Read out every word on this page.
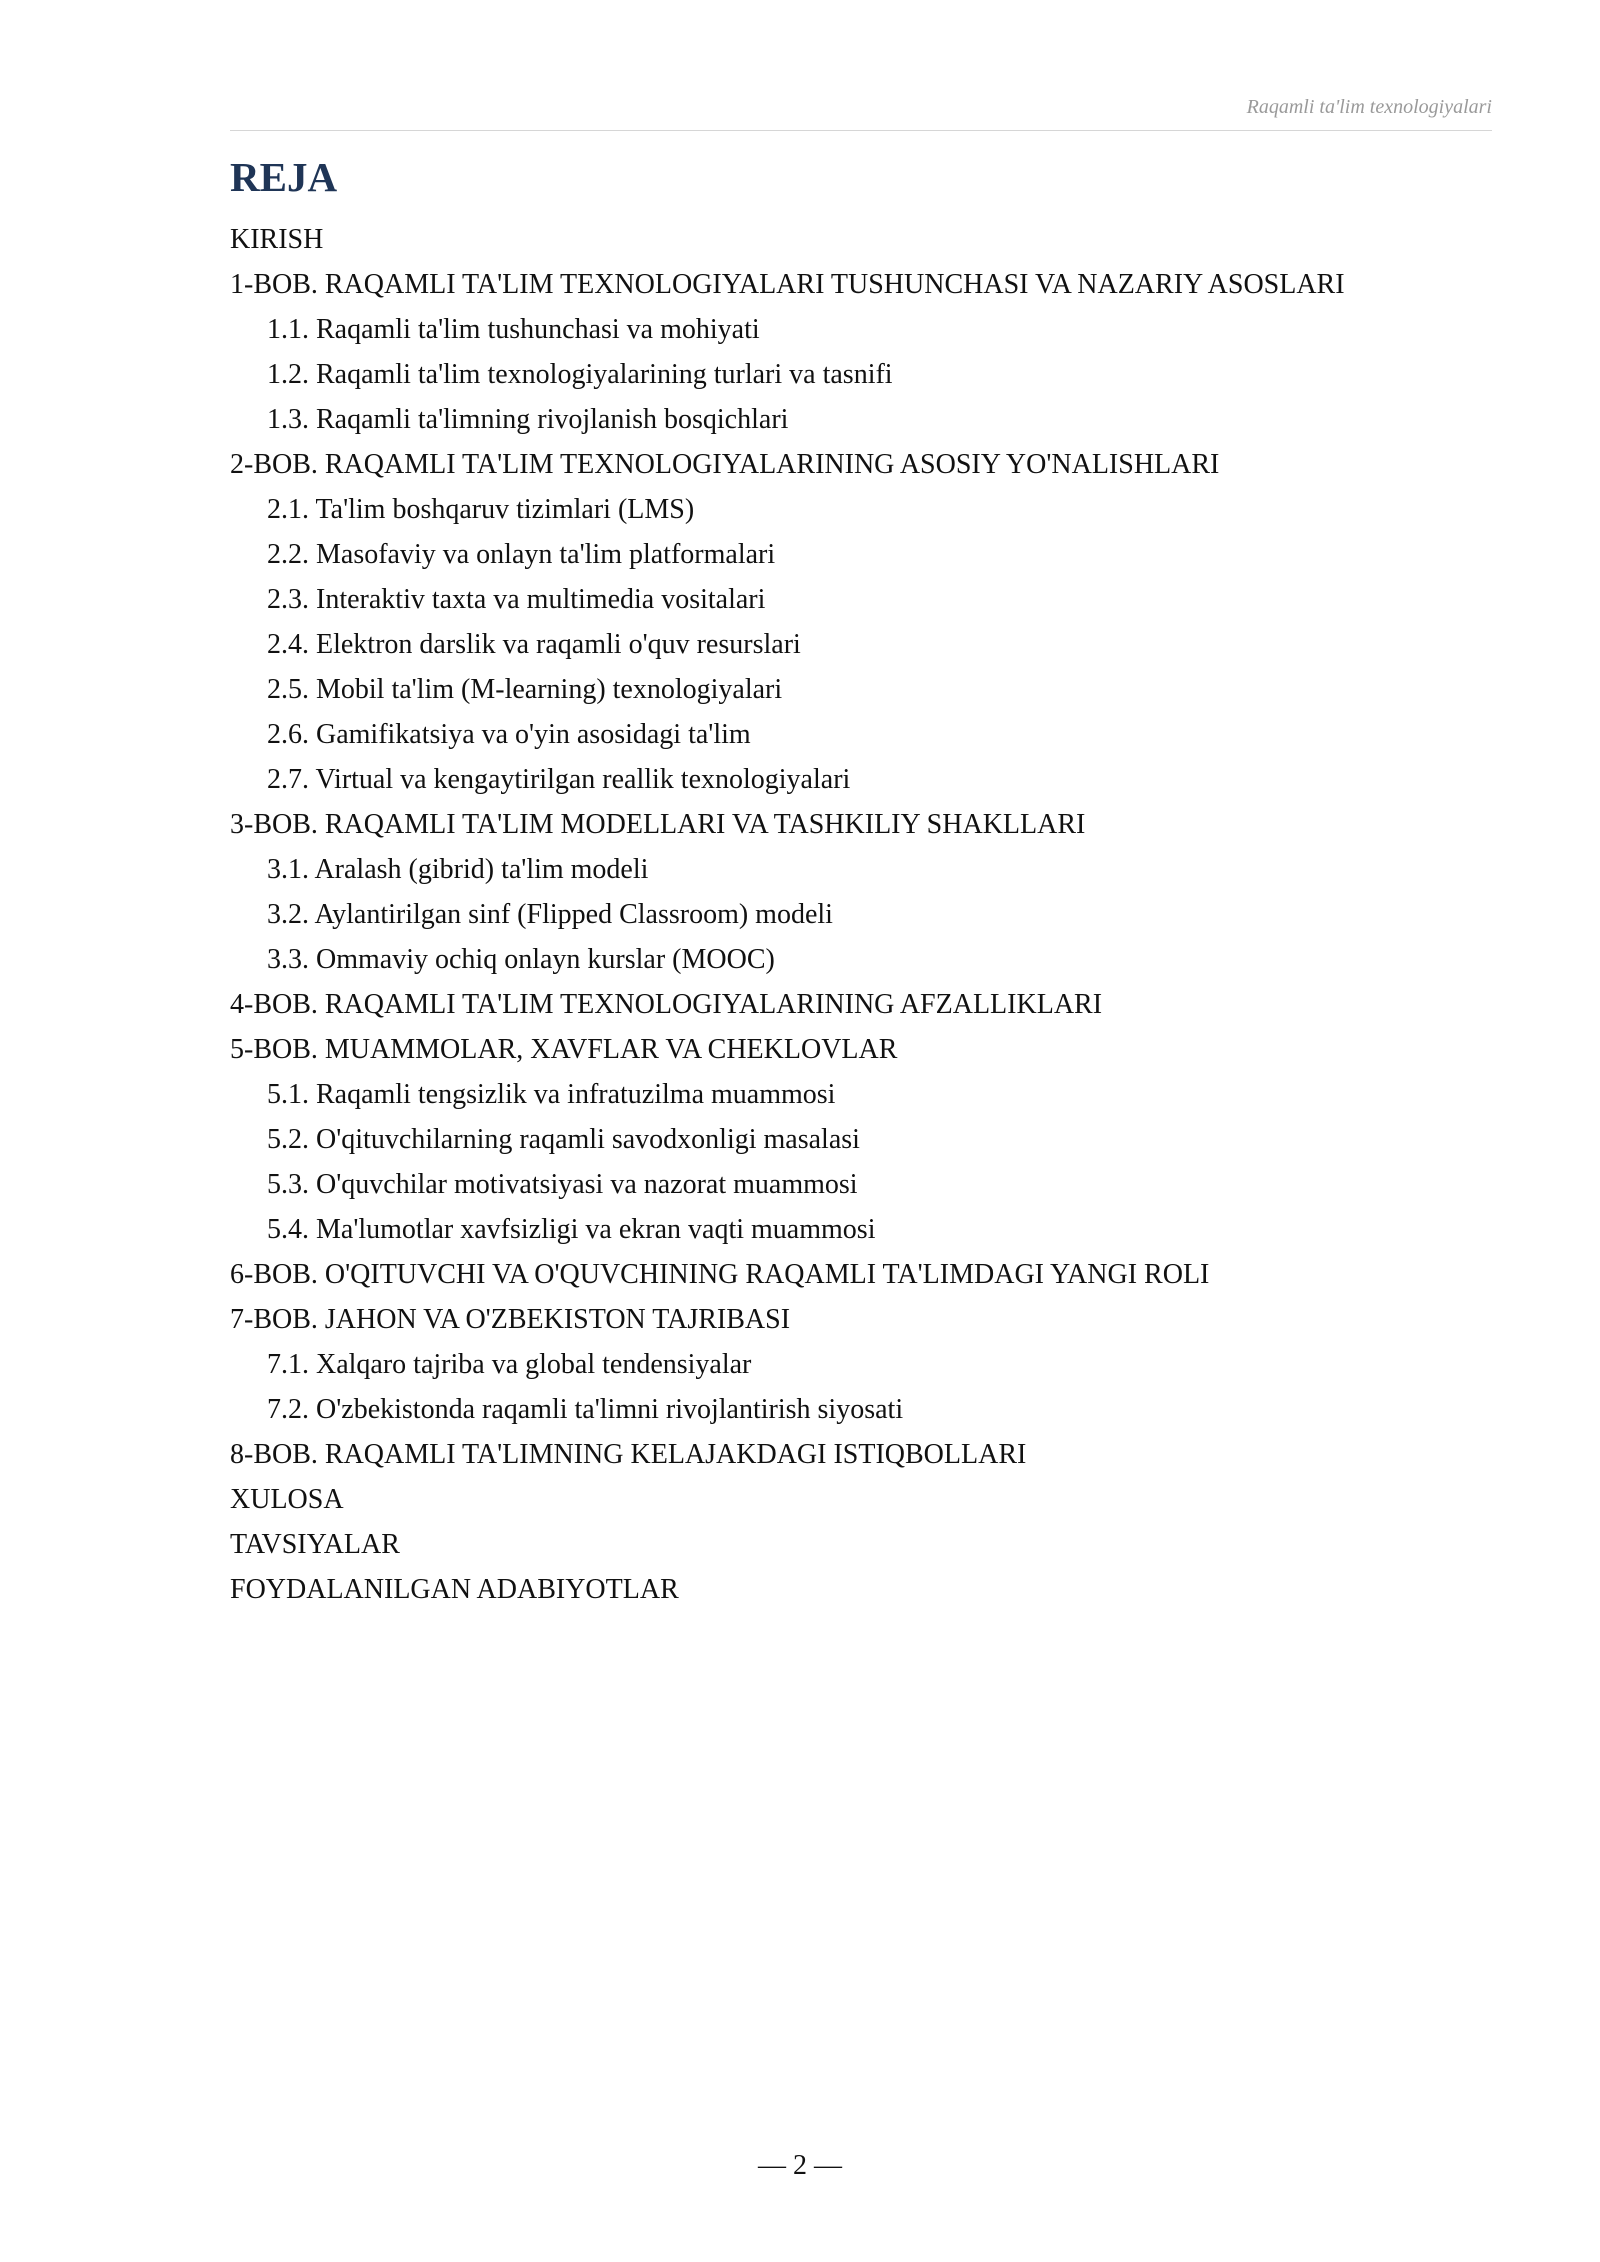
Raqamli ta'lim texnologiyalari
REJA
KIRISH
1-BOB. RAQAMLI TA'LIM TEXNOLOGIYALARI TUSHUNCHASI VA NAZARIY ASOSLARI
1.1. Raqamli ta'lim tushunchasi va mohiyati
1.2. Raqamli ta'lim texnologiyalarining turlari va tasnifi
1.3. Raqamli ta'limning rivojlanish bosqichlari
2-BOB. RAQAMLI TA'LIM TEXNOLOGIYALARINING ASOSIY YO'NALISHLARI
2.1. Ta'lim boshqaruv tizimlari (LMS)
2.2. Masofaviy va onlayn ta'lim platformalari
2.3. Interaktiv taxta va multimedia vositalari
2.4. Elektron darslik va raqamli o'quv resurslari
2.5. Mobil ta'lim (M-learning) texnologiyalari
2.6. Gamifikatsiya va o'yin asosidagi ta'lim
2.7. Virtual va kengaytirilgan reallik texnologiyalari
3-BOB. RAQAMLI TA'LIM MODELLARI VA TASHKILIY SHAKLLARI
3.1. Aralash (gibrid) ta'lim modeli
3.2. Aylantirilgan sinf (Flipped Classroom) modeli
3.3. Ommaviy ochiq onlayn kurslar (MOOC)
4-BOB. RAQAMLI TA'LIM TEXNOLOGIYALARINING AFZALLIKLARI
5-BOB. MUAMMOLAR, XAVFLAR VA CHEKLOVLAR
5.1. Raqamli tengsizlik va infratuzilma muammosi
5.2. O'qituvchilarning raqamli savodxonligi masalasi
5.3. O'quvchilar motivatsiyasi va nazorat muammosi
5.4. Ma'lumotlar xavfsizligi va ekran vaqti muammosi
6-BOB. O'QITUVCHI VA O'QUVCHINING RAQAMLI TA'LIMDAGI YANGI ROLI
7-BOB. JAHON VA O'ZBEKISTON TAJRIBASI
7.1. Xalqaro tajriba va global tendensiyalar
7.2. O'zbekistonda raqamli ta'limni rivojlantirish siyosati
8-BOB. RAQAMLI TA'LIMNING KELAJAKDAGI ISTIQBOLLARI
XULOSA
TAVSIYALAR
FOYDALANILGAN ADABIYOTLAR
— 2 —
